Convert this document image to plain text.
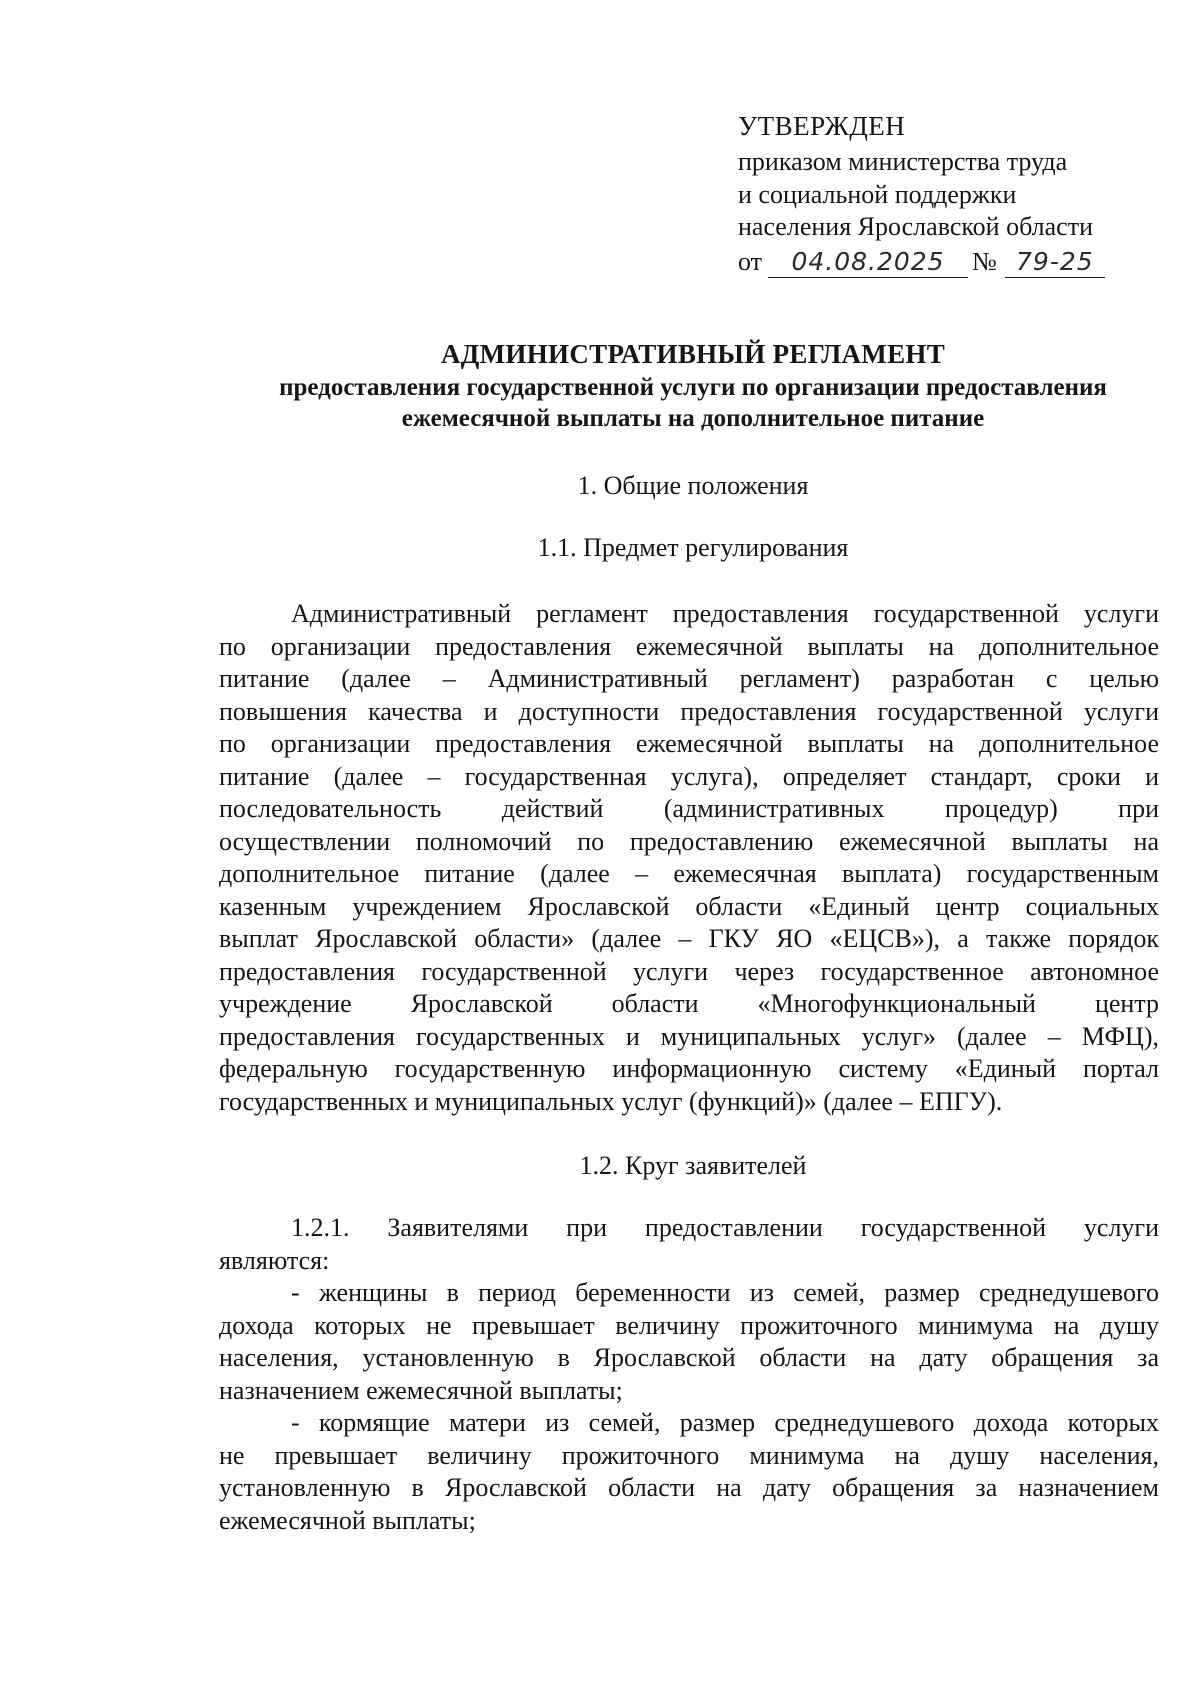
УТВЕРЖДЕН
приказом министерства труда
и социальной поддержки
населения Ярославской области
от 04.08.2025 № 79-25
АДМИНИСТРАТИВНЫЙ РЕГЛАМЕНТ
предоставления государственной услуги по организации предоставления
ежемесячной выплаты на дополнительное питание
1. Общие положения
1.1. Предмет регулирования
Административный регламент предоставления государственной услуги
по организации предоставления ежемесячной выплаты на дополнительное
питание (далее – Административный регламент) разработан с целью
повышения качества и доступности предоставления государственной услуги
по организации предоставления ежемесячной выплаты на дополнительное
питание (далее – государственная услуга), определяет стандарт, сроки и
последовательность действий (административных процедур) при
осуществлении полномочий по предоставлению ежемесячной выплаты на
дополнительное питание (далее – ежемесячная выплата) государственным
казенным учреждением Ярославской области «Единый центр социальных
выплат Ярославской области» (далее – ГКУ ЯО «ЕЦСВ»), а также порядок
предоставления государственной услуги через государственное автономное
учреждение Ярославской области «Многофункциональный центр
предоставления государственных и муниципальных услуг» (далее – МФЦ),
федеральную государственную информационную систему «Единый портал
государственных и муниципальных услуг (функций)» (далее – ЕПГУ).
1.2. Круг заявителей
1.2.1. Заявителями при предоставлении государственной услуги
являются:
- женщины в период беременности из семей, размер среднедушевого
дохода которых не превышает величину прожиточного минимума на душу
населения, установленную в Ярославской области на дату обращения за
назначением ежемесячной выплаты;
- кормящие матери из семей, размер среднедушевого дохода которых
не превышает величину прожиточного минимума на душу населения,
установленную в Ярославской области на дату обращения за назначением
ежемесячной выплаты;
